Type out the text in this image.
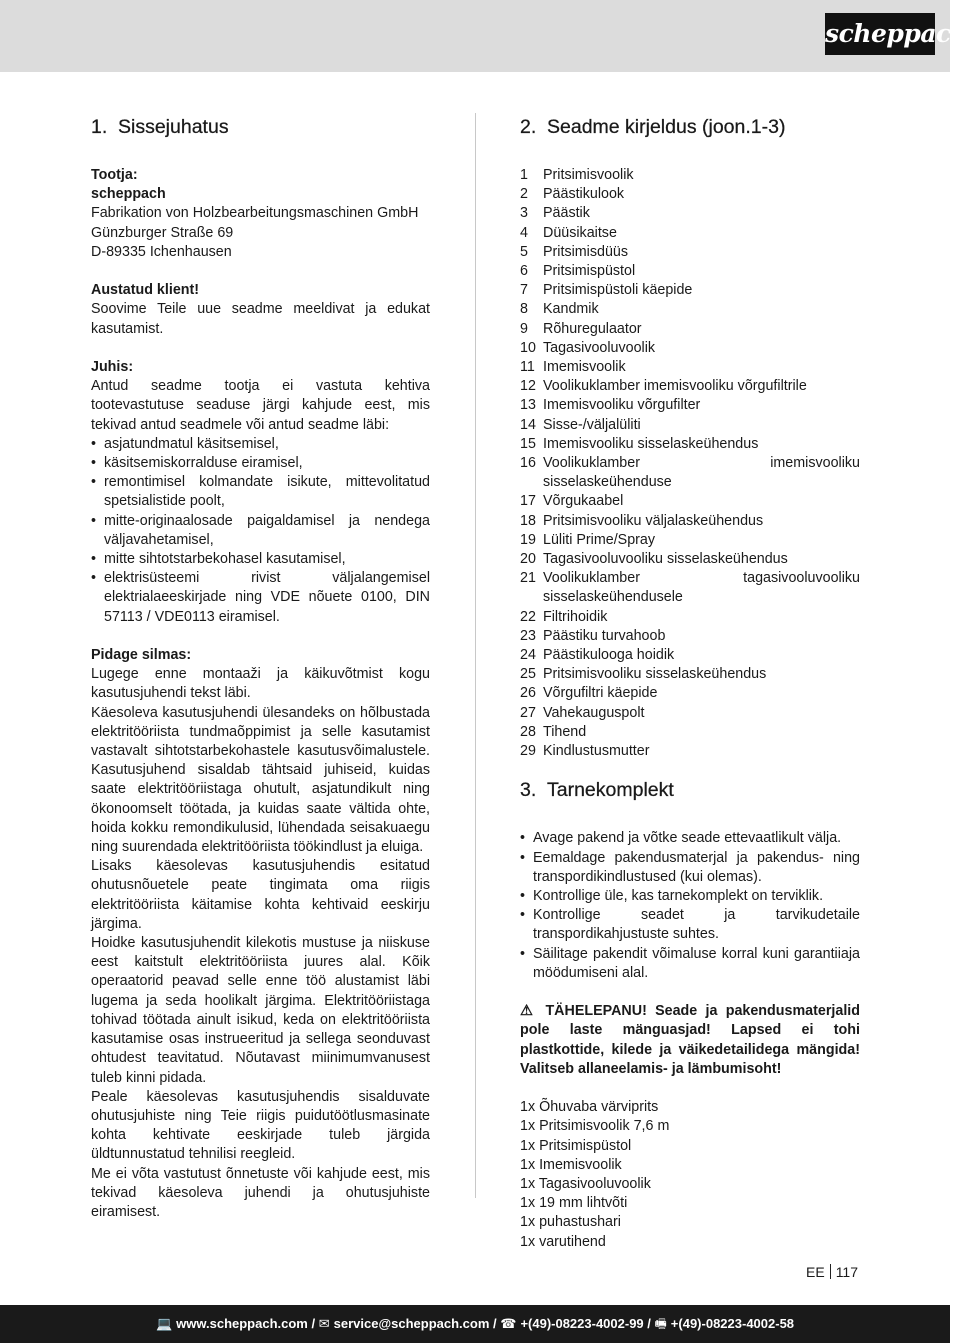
scheppach
1. Sissejuhatus

Tootja:

scheppach

Fabrikation von Holzbearbeitungsmaschinen GmbH

Günzburger Straße 69

D-89335 Ichenhausen

Austatud klient!

Soovime Teile uue seadme meeldivat ja edukat kasutamist.

Juhis:

Antud seadme tootja ei vastuta kehtiva tootevastutuse seaduse järgi kahjude eest, mis tekivad antud seadmele või antud seadme läbi:

• asjatundmatul käsitsemisel,
• käsitsemiskorralduse eiramisel,
• remontimisel kolmandate isikute, mittevolitatud spetsialistide poolt,
• mitte-originaalosade paigaldamisel ja nendega väljavahetamisel,
• mitte sihtotstarbekohasel kasutamisel,
• elektrisüsteemi rivist väljalangemisel elektrialaeeskirjade ning VDE nõuete 0100, DIN 57113 / VDE0113 eiramisel.

Pidage silmas:

Lugege enne montaaži ja käikuvõtmist kogu kasutusjuhendi tekst läbi.

Käesoleva kasutusjuhendi ülesandeks on hõlbustada elektritööriista tundmaõppimist ja selle kasutamist vastavalt sihtotstarbekohastele kasutusvõimalustele. Kasutusjuhend sisaldab tähtsaid juhiseid, kuidas saate elektritööriistaga ohutult, asjatundikult ning ökonoomselt töötada, ja kuidas saate vältida ohte, hoida kokku remondikulusid, lühendada seisakuaegu ning suurendada elektritööriista töökindlust ja eluiga.

Lisaks käesolevas kasutusjuhendis esitatud ohutusnõuetele peate tingimata oma riigis elektritööriista käitamise kohta kehtivaid eeskirju järgima.

Hoidke kasutusjuhendit kilekotis mustuse ja niiskuse eest kaitstult elektritööriista juures alal. Kõik operaatorid peavad selle enne töö alustamist läbi lugema ja seda hoolikalt järgima. Elektritööriistaga tohivad töötada ainult isikud, keda on elektritööriista kasutamise osas instrueeritud ja sellega seonduvast ohtudest teavitatud. Nõutavast miinimumvanusest tuleb kinni pidada.

Peale käesolevas kasutusjuhendis sisalduvate ohutusjuhiste ning Teie riigis puidutöötlusmasinate kohta kehtivate eeskirjade tuleb järgida üldtunnustatud tehnilisi reegleid.

Me ei võta vastutust õnnetuste või kahjude eest, mis tekivad käesoleva juhendi ja ohutusjuhiste eiramisest.

2. Seadme kirjeldus (joon.1-3)
1 Pritsimisvoolik
2 Päästikulook
3 Päästik
4 Düüsikaitse
5 Pritsimisdüüs
6 Pritsimispüstol
7 Pritsimispüstoli käepide
8 Kandmik
9 Rõhuregulaator
10 Tagasivooluvoolik
11 Imemisvoolik
12 Voolikuklamber imemisvooliku võrgufiltrile
13 Imemisvooliku võrgufilter
14 Sisse-/väljalüliti
15 Imemisvooliku sisselaskeühendus
16 Voolikuklamber imemisvooliku sisselaskeühenduse
17 Võrgukaabel
18 Pritsimisvooliku väljalaskeühendus
19 Lüliti Prime/Spray
20 Tagasivooluvooliku sisselaskeühendus
21 Voolikuklamber tagasivooluvooliku sisselaskeühendusele
22 Filtrihoidik
23 Päästiku turvahoob
24 Päästikulooga hoidik
25 Pritsimisvooliku sisselaskeühendus
26 Võrgufiltri käepide
27 Vahekauguspolt
28 Tihend
29 Kindlustusmutter
3. Tarnekomplekt
• Avage pakend ja võtke seade ettevaatlikult välja.
• Eemaldage pakendusmaterjal ja pakendus- ning transpordikindlustused (kui olemas).
• Kontrollige üle, kas tarnekomplekt on terviklik.
• Kontrollige seadet ja tarvikudetaile transpordikahjustuste suhtes.
• Säilitage pakendit võimaluse korral kuni garantiiaja möödumiseni alal.

⚠ TÄHELEPANU! Seade ja pakendusmaterjalid pole laste mänguasjad! Lapsed ei tohi plastkottide, kilede ja väikedetailidega mängida! Valitseb allaneelamis- ja lämbumisoht!

1x Õhuvaba värviprits

1x Pritsimisvoolik 7,6 m

1x Pritsimispüstol

1x Imemisvoolik

1x Tagasivooluvoolik

1x 19 mm lihtvõti

1x puhastushari

1x varutihend

EE 117
💻 www.scheppach.com / ✉ service@scheppach.com / ☎ +(49)-08223-4002-99 / 🖷 +(49)-08223-4002-58
